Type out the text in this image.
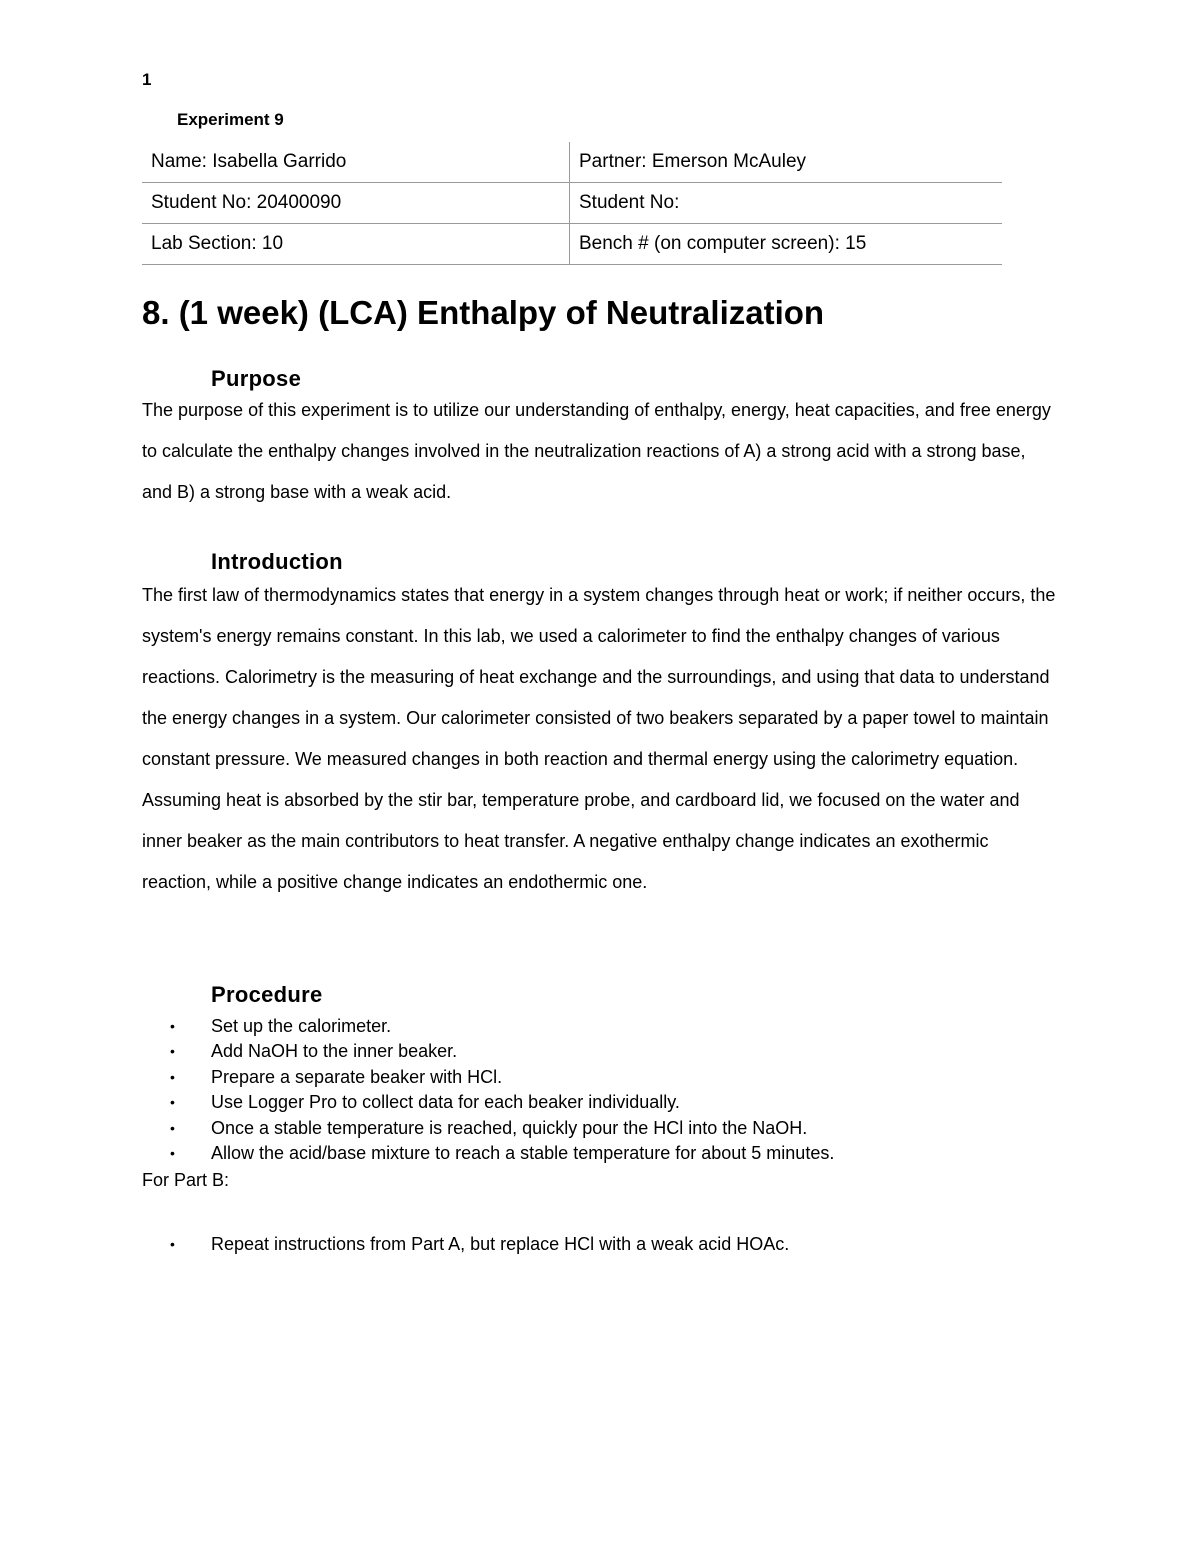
1
Experiment 9
Name: Isabella Garrido	Partner: Emerson McAuley
Student No: 20400090	Student No:
Lab Section: 10	Bench # (on computer screen): 15
8. (1 week) (LCA) Enthalpy of Neutralization
Purpose

The purpose of this experiment is to utilize our understanding of enthalpy, energy, heat capacities, and free energy to calculate the enthalpy changes involved in the neutralization reactions of A) a strong acid with a strong base, and B) a strong base with a weak acid.

Introduction

The first law of thermodynamics states that energy in a system changes through heat or work; if neither occurs, the system's energy remains constant. In this lab, we used a calorimeter to find the enthalpy changes of various reactions. Calorimetry is the measuring of heat exchange and the surroundings, and using that data to understand the energy changes in a system. Our calorimeter consisted of two beakers separated by a paper towel to maintain constant pressure. We measured changes in both reaction and thermal energy using the calorimetry equation. Assuming heat is absorbed by the stir bar, temperature probe, and cardboard lid, we focused on the water and inner beaker as the main contributors to heat transfer. A negative enthalpy change indicates an exothermic reaction, while a positive change indicates an endothermic one.

Procedure
• Set up the calorimeter.
• Add NaOH to the inner beaker.
• Prepare a separate beaker with HCl.
• Use Logger Pro to collect data for each beaker individually.
• Once a stable temperature is reached, quickly pour the HCl into the NaOH.
• Allow the acid/base mixture to reach a stable temperature for about 5 minutes.
For Part B:
• Repeat instructions from Part A, but replace HCl with a weak acid HOAc.
